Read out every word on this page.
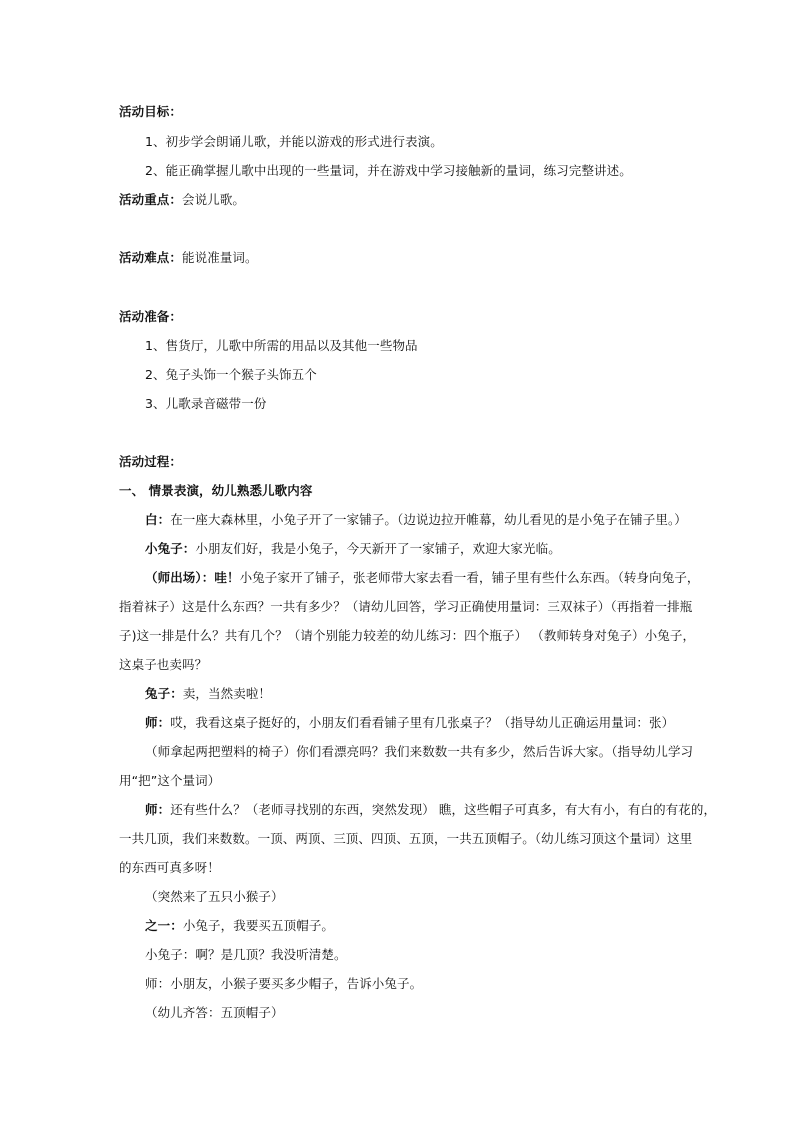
活动目标：
1、初步学会朗诵儿歌，并能以游戏的形式进行表演。
2、能正确掌握儿歌中出现的一些量词，并在游戏中学习接触新的量词，练习完整讲述。
活动重点：会说儿歌。
活动难点：能说准量词。
活动准备：
1、售货厅，儿歌中所需的用品以及其他一些物品
2、兔子头饰一个猴子头饰五个
3、儿歌录音磁带一份
活动过程：
一、 情景表演，幼儿熟悉儿歌内容
白：在一座大森林里，小兔子开了一家铺子。（边说边拉开帷幕，幼儿看见的是小兔子在铺子里。）
小兔子：小朋友们好，我是小兔子，今天新开了一家铺子，欢迎大家光临。
（师出场）：哇！小兔子家开了铺子，张老师带大家去看一看，铺子里有些什么东西。（转身向兔子，
指着袜子）这是什么东西？一共有多少？（请幼儿回答，学习正确使用量词：三双袜子）（再指着一排瓶
子)这一排是什么？共有几个？（请个别能力较差的幼儿练习：四个瓶子） （教师转身对兔子）小兔子，
这桌子也卖吗？
兔子：卖，当然卖啦！
师：哎，我看这桌子挺好的，小朋友们看看铺子里有几张桌子？（指导幼儿正确运用量词：张）
（师拿起两把塑料的椅子）你们看漂亮吗？我们来数数一共有多少，然后告诉大家。（指导幼儿学习
用“把”这个量词）
师：还有些什么？（老师寻找别的东西，突然发现） 瞧，这些帽子可真多，有大有小，有白的有花的，
一共几顶，我们来数数。一顶、两顶、三顶、四顶、五顶，一共五顶帽子。（幼儿练习顶这个量词）这里
的东西可真多呀！
（突然来了五只小猴子）
之一：小兔子，我要买五顶帽子。
小兔子：啊？是几顶？我没听清楚。
师：小朋友，小猴子要买多少帽子，告诉小兔子。
（幼儿齐答：五顶帽子）
